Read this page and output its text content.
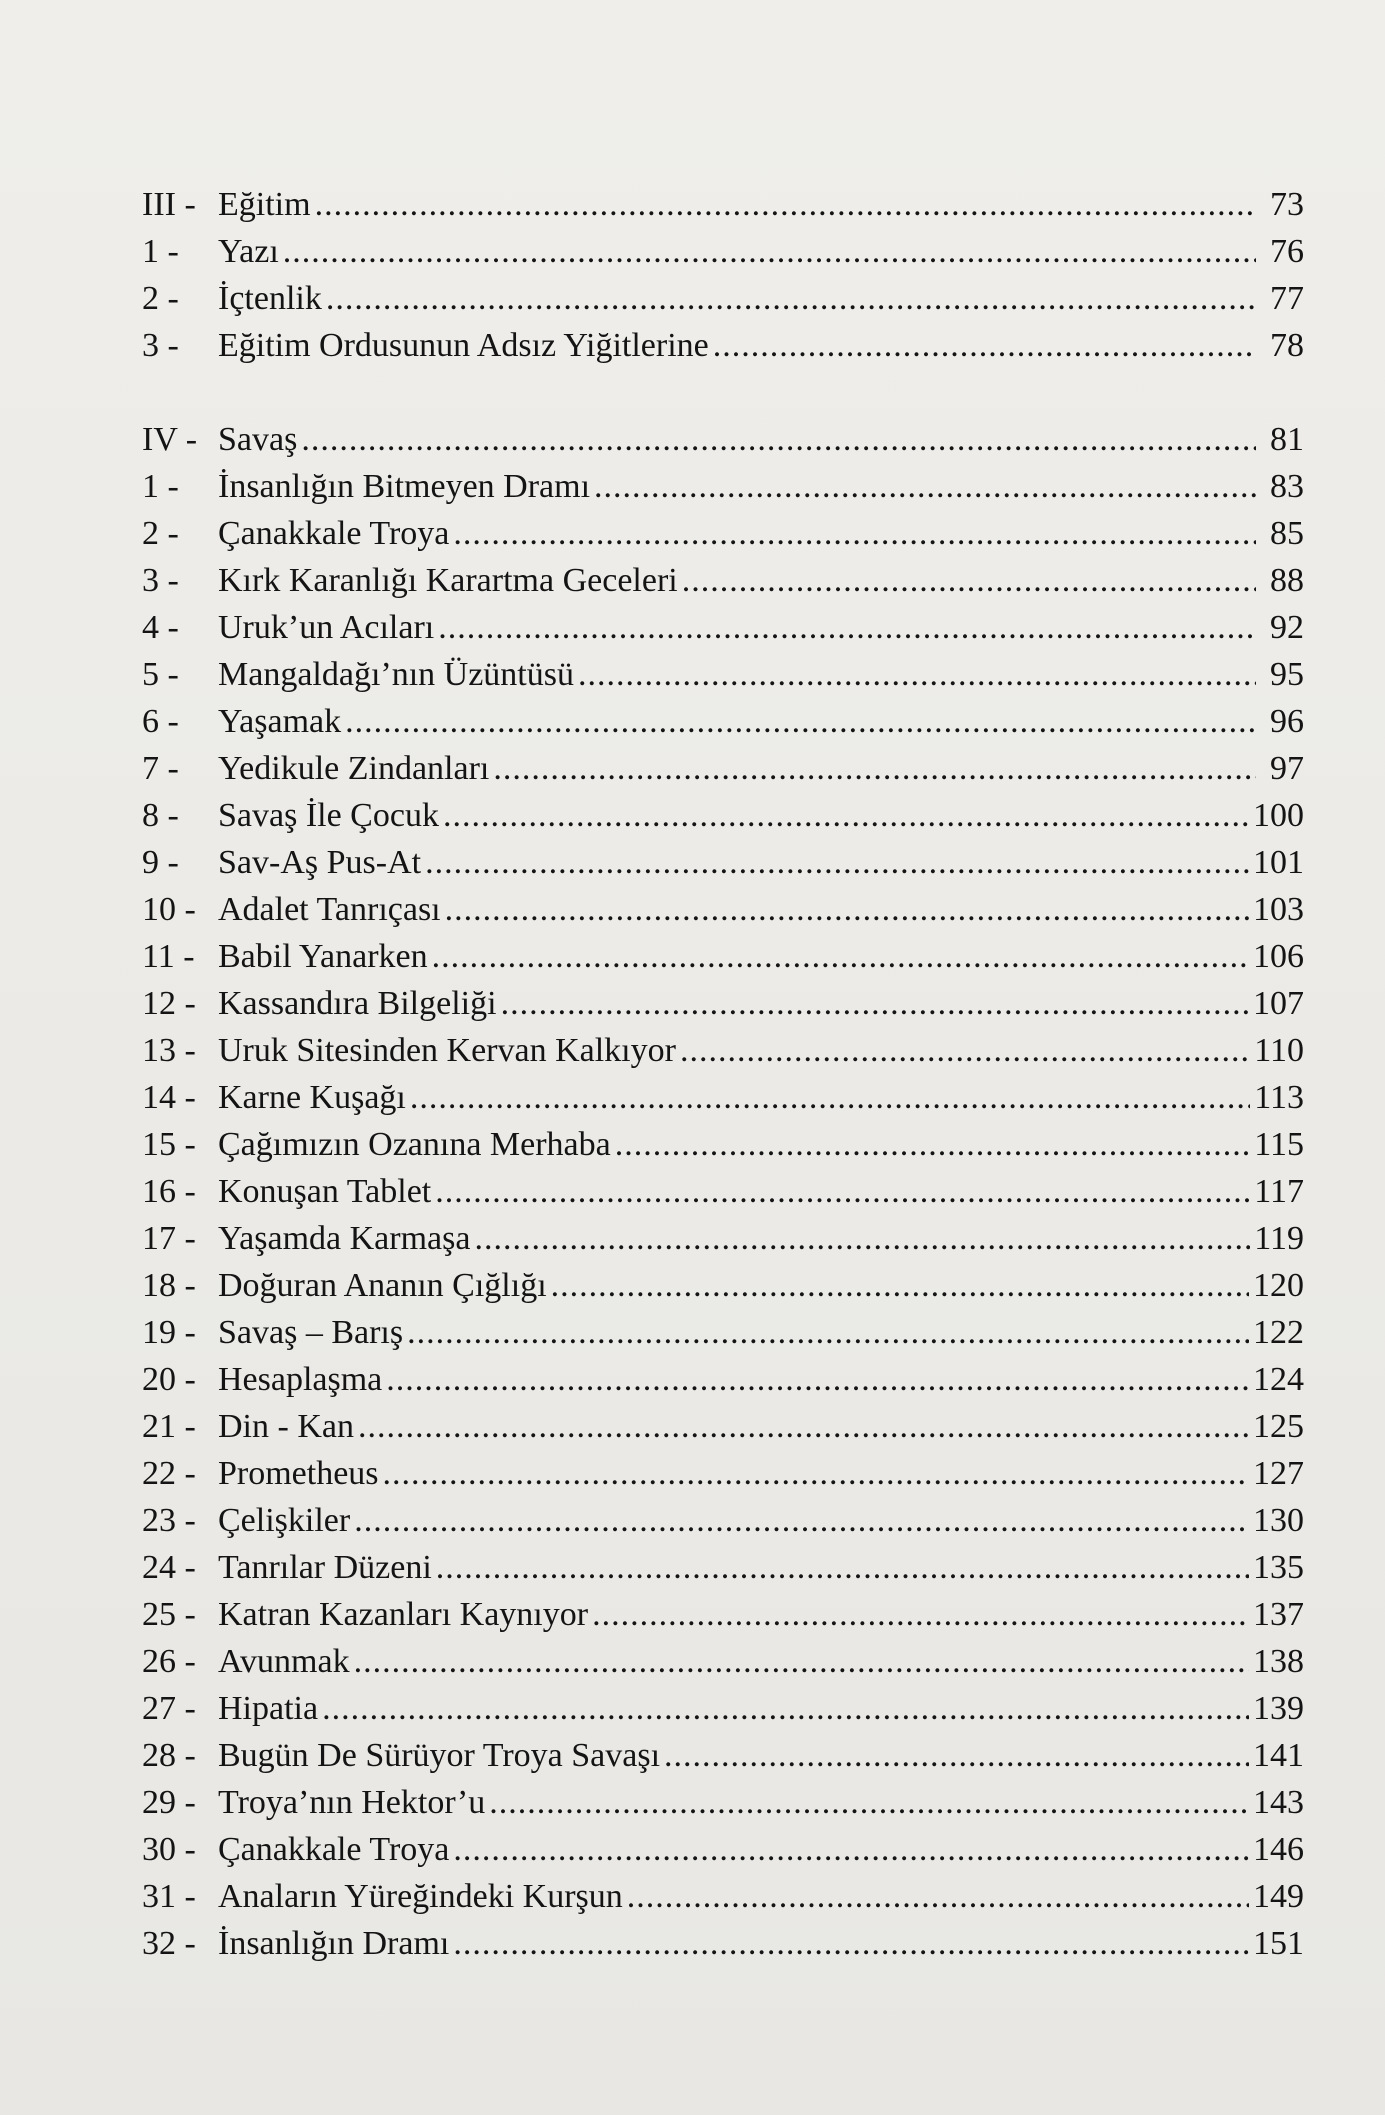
III - Eğitim .....	73
1 -	Yazı .....	76
2 -	İçtenlik .....	77
3 -	Eğitim Ordusunun Adsız Yiğitlerine .....	78
IV - Savaş .....	81
1 -	İnsanlığın Bitmeyen Dramı .....	83
2 -	Çanakkale Troya .....	85
3 -	Kırk Karanlığı Karartma Geceleri .....	88
4 -	Uruk’un Acıları .....	92
5 -	Mangaldağı’nın Üzüntüsü .....	95
6 -	Yaşamak .....	96
7 -	Yedikule Zindanları .....	97
8 -	Savaş İle Çocuk .....	100
9 -	Sav-Aş Pus-At .....	101
10 - Adalet Tanrıçası .....	103
11 - Babil Yanarken .....	106
12 - Kassandıra Bilgeliği .....	107
13 - Uruk Sitesinden Kervan Kalkıyor .....	110
14 - Karne Kuşağı .....	113
15 - Çağımızın Ozanına Merhaba .....	115
16 - Konuşan Tablet .....	117
17 - Yaşamda Karmaşa .....	119
18 - Doğuran Ananın Çığlığı .....	120
19 - Savaş – Barış .....	122
20 - Hesaplaşma .....	124
21 - Din - Kan .....	125
22 - Prometheus .....	127
23 - Çelişkiler .....	130
24 - Tanrılar Düzeni .....	135
25 - Katran Kazanları Kaynıyor .....	137
26 - Avunmak .....	138
27 - Hipatia .....	139
28 - Bugün De Sürüyor Troya Savaşı .....	141
29 - Troya’nın Hektor’u .....	143
30 - Çanakkale Troya .....	146
31 - Anaların Yüreğindeki Kurşun .....	149
32 - İnsanlığın Dramı .....	151
